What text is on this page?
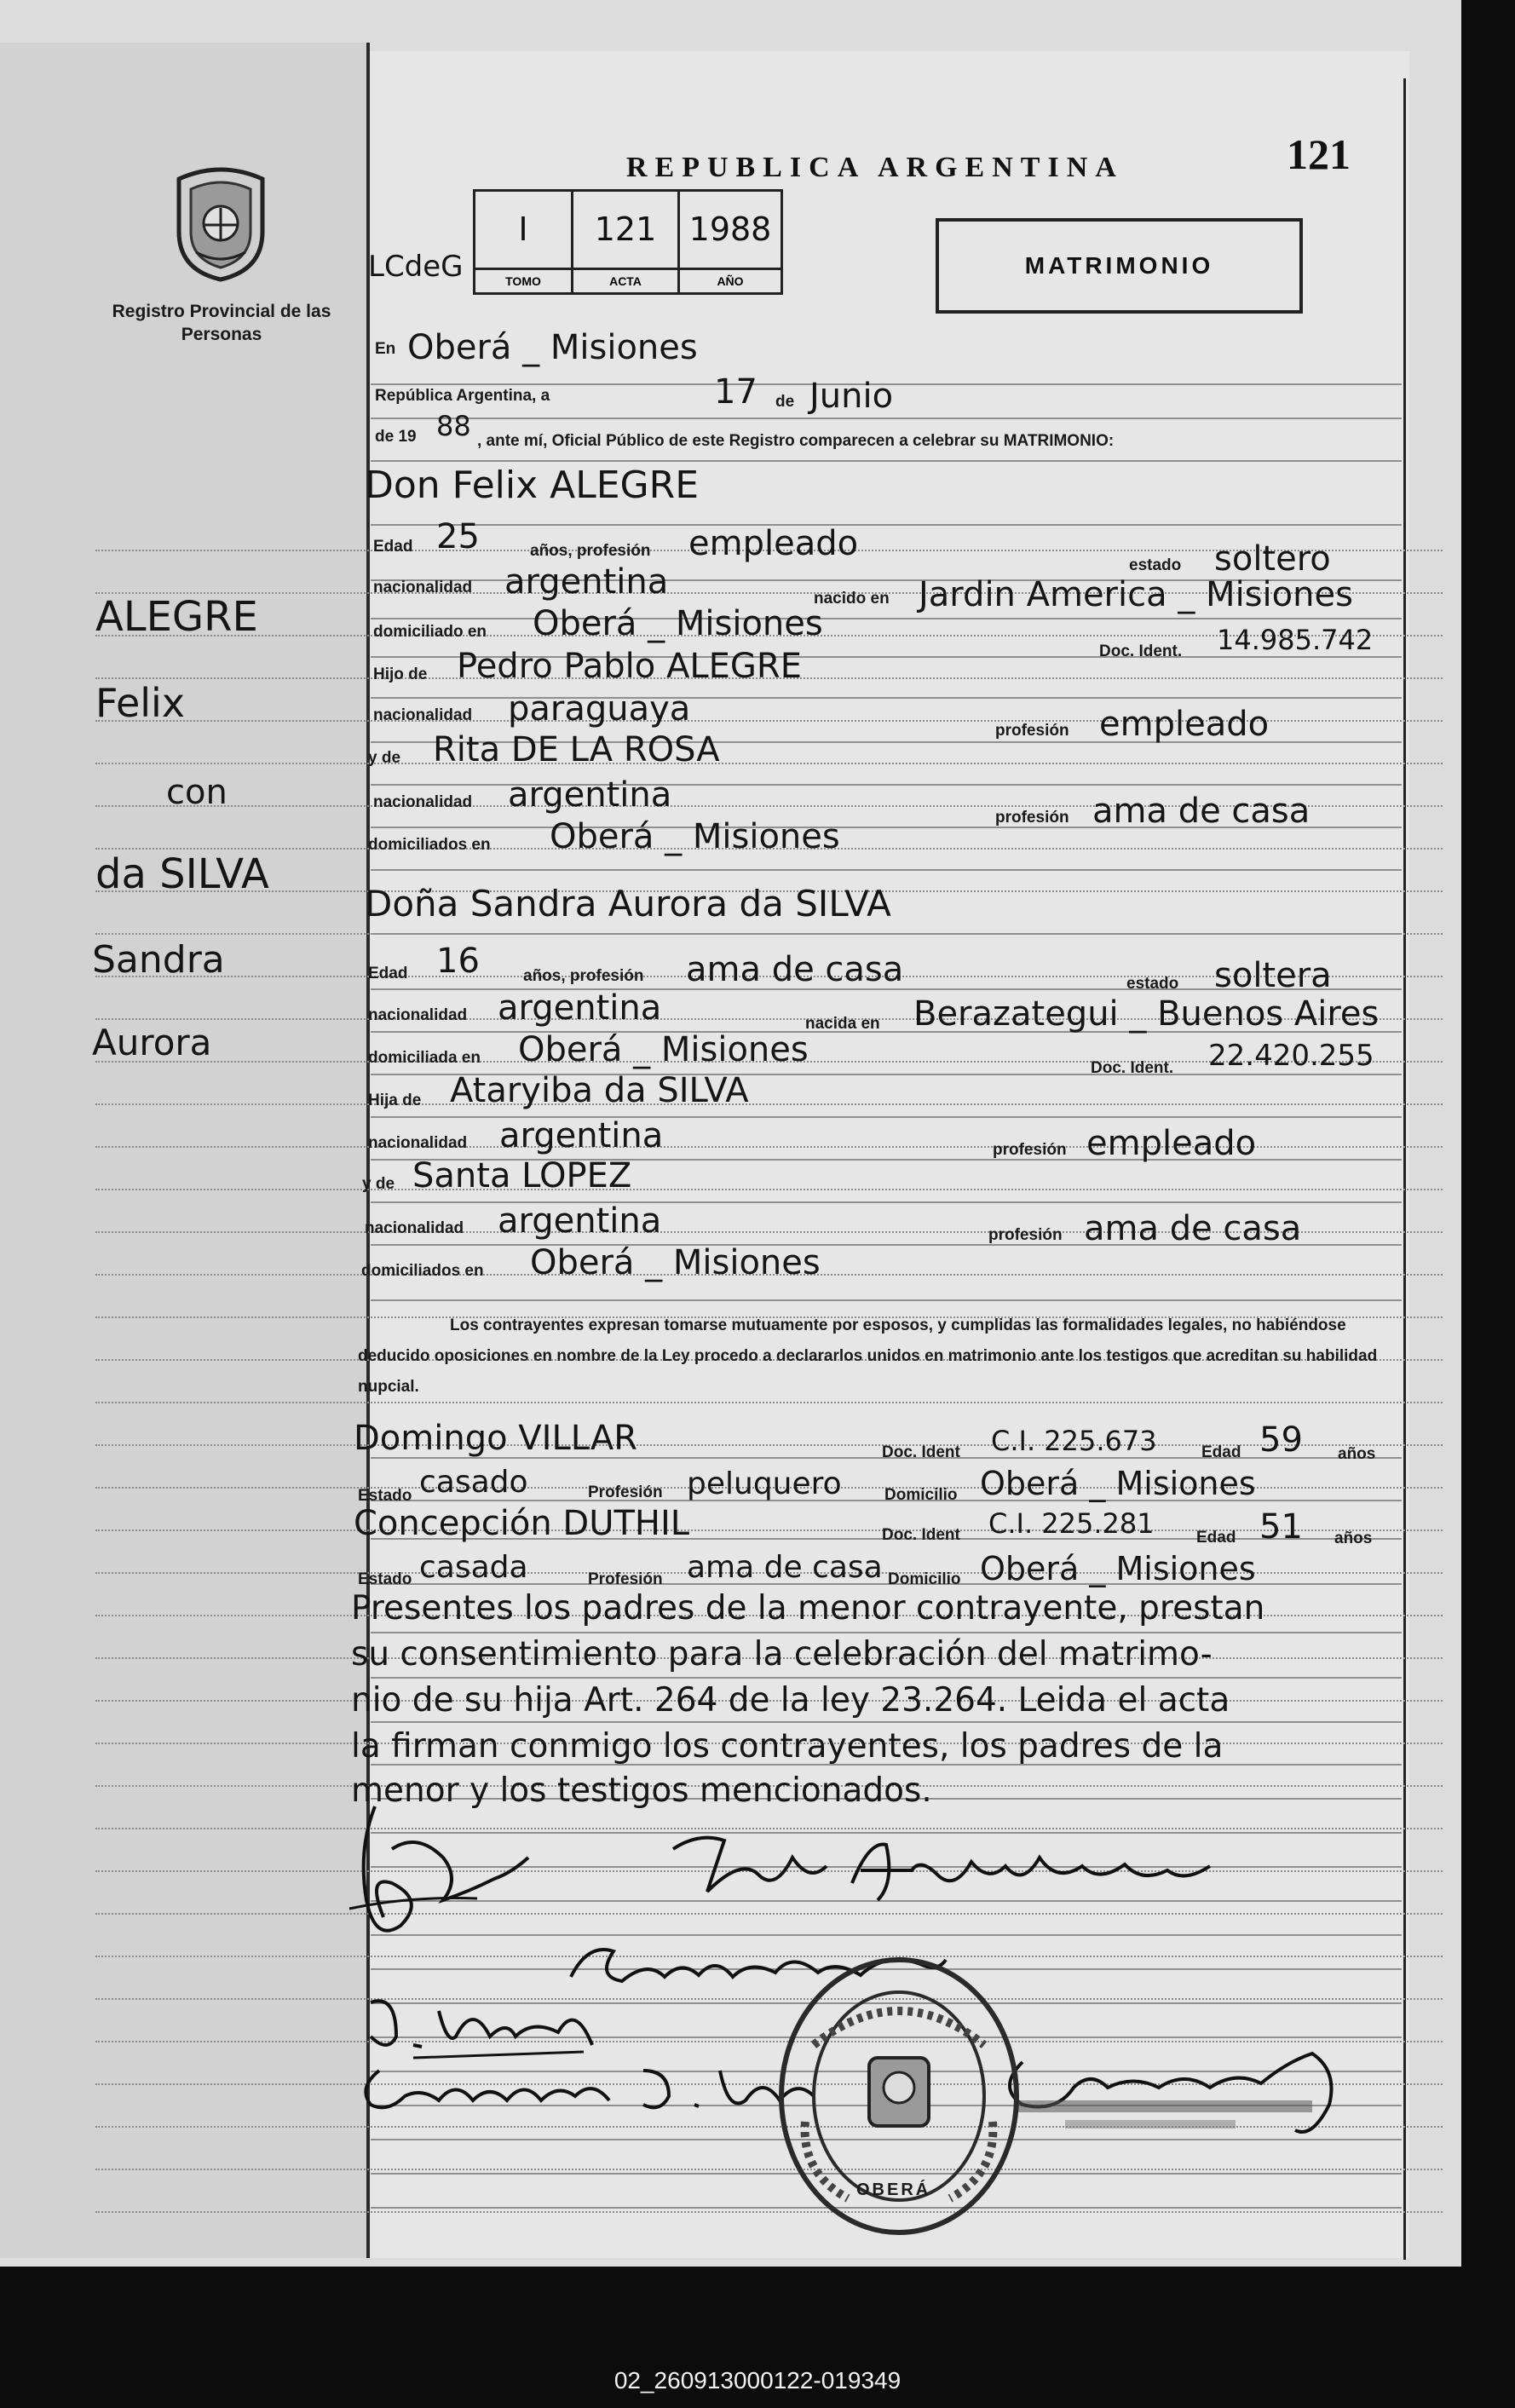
Registro Provincial de las Personas
REPUBLICA ARGENTINA	121
LCdeG
I
TOMO
121
ACTA
1988
AÑO
MATRIMONIO
ALEGRE
Felix
con
da SILVA
Sandra
Aurora
En Oberá _ Misiones
República Argentina, a	17 de Junio
de 19 88 , ante mí, Oficial Público de este Registro comparecen a celebrar su MATRIMONIO:
Don Felix ALEGRE
Edad 25	años, profesión empleado
estado soltero
nacionalidad argentina	nacido en Jardin America _ Misiones
domiciliado en Oberá _ Misiones
Doc. Ident. 14.985.742
Hijo de Pedro Pablo ALEGRE
nacionalidad paraguaya
profesión empleado
y de Rita DE LA ROSA
nacionalidad argentina
profesión ama de casa
domiciliados en Oberá _ Misiones
Doña Sandra Aurora da SILVA
Edad 16	años, profesión ama de casa	estado soltera
nacionalidad argentina	nacida en Berazategui _ Buenos Aires
domiciliada en Oberá _ Misiones	Doc. Ident. 22.420.255
Hija de Ataryiba da SILVA
nacionalidad argentina	profesión empleado
y de Santa LOPEZ
nacionalidad argentina	profesión ama de casa
domiciliados en Oberá _ Misiones
Los contrayentes expresan tomarse mutuamente por esposos, y cumplidas las formalidades legales, no habiéndose deducido oposiciones en nombre de la Ley procedo a declararlos unidos en matrimonio ante los testigos que acreditan su habilidad nupcial.
Domingo VILLAR	Doc. Ident C.I. 225.673	Edad 59 años
Estado casado	Profesión peluquero	Domicilio Oberá _ Misiones
Concepción DUTHIL	Doc. Ident C.I. 225.281	Edad 51 años
Estado casada	Profesión ama de casa Domicilio Oberá _ Misiones
Presentes los padres de la menor contrayente, prestan
su consentimiento para la celebración del matrimo-
nio de su hija Art. 264 de la ley 23.264. Leida el acta
la firman conmigo los contrayentes, los padres de la
menor y los testigos mencionados.
OBERÁ
02_260913000122-019349
